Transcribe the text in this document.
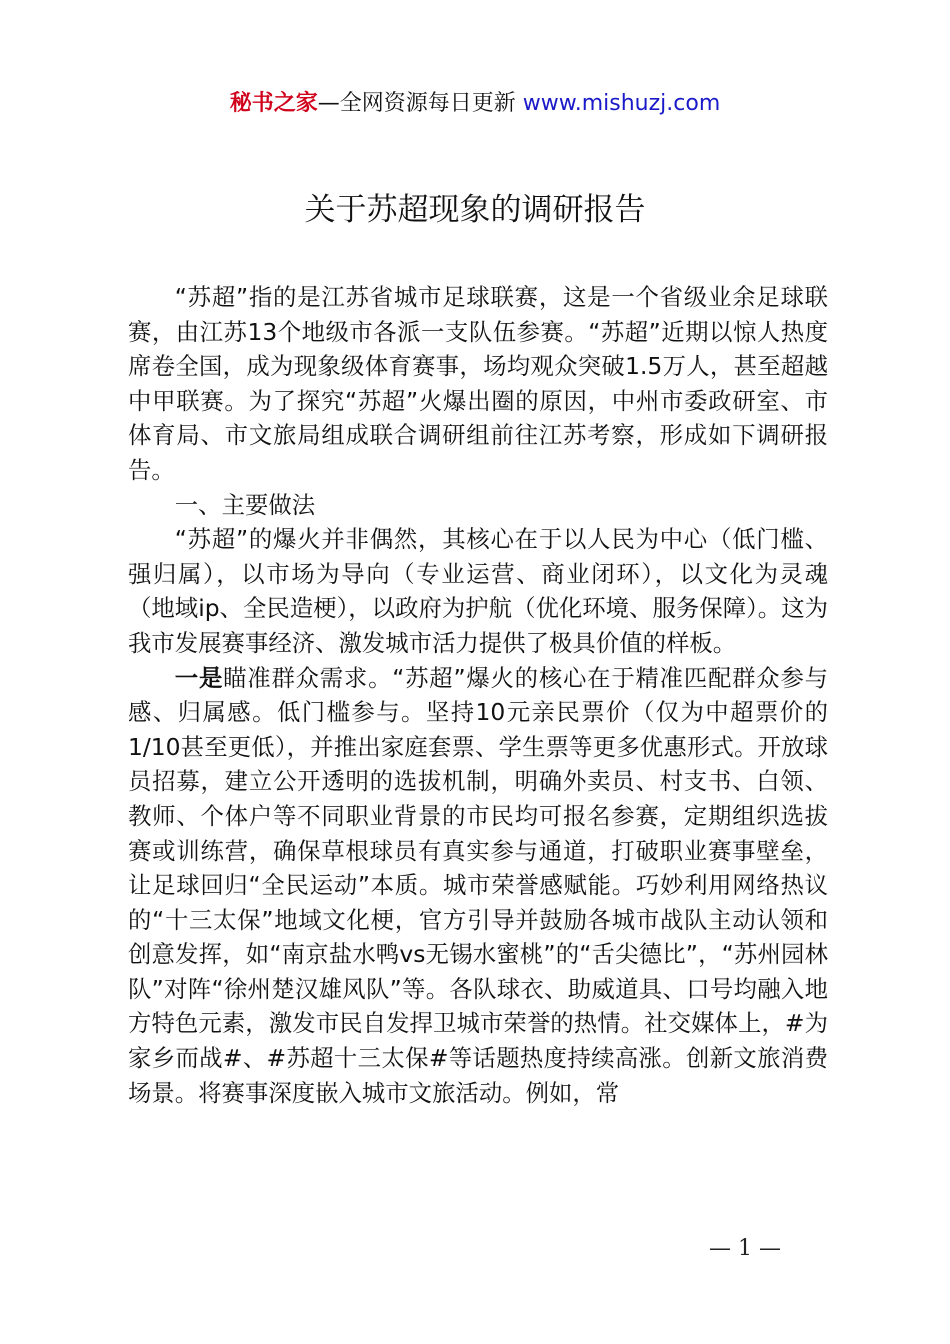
秘书之家—全网资源每日更新 www.mishuzj.com
关于苏超现象的调研报告

“苏超”指的是江苏省城市足球联赛，这是一个省级业余足球联赛，由江苏13个地级市各派一支队伍参赛。“苏超”近期以惊人热度席卷全国，成为现象级体育赛事，场均观众突破1.5万人，甚至超越中甲联赛。为了探究“苏超”火爆出圈的原因，中州市委政研室、市体育局、市文旅局组成联合调研组前往江苏考察，形成如下调研报告。

一、主要做法

“苏超”的爆火并非偶然，其核心在于以人民为中心（低门槛、强归属），以市场为导向（专业运营、商业闭环），以文化为灵魂（地域ip、全民造梗），以政府为护航（优化环境、服务保障）。这为我市发展赛事经济、激发城市活力提供了极具价值的样板。

一是瞄准群众需求。“苏超”爆火的核心在于精准匹配群众参与感、归属感。低门槛参与。坚持10元亲民票价（仅为中超票价的1/10甚至更低），并推出家庭套票、学生票等更多优惠形式。开放球员招募，建立公开透明的选拔机制，明确外卖员、村支书、白领、教师、个体户等不同职业背景的市民均可报名参赛，定期组织选拔赛或训练营，确保草根球员有真实参与通道，打破职业赛事壁垒，让足球回归“全民运动”本质。城市荣誉感赋能。巧妙利用网络热议的“十三太保”地域文化梗，官方引导并鼓励各城市战队主动认领和创意发挥，如“南京盐水鸭vs无锡水蜜桃”的“舌尖德比”，“苏州园林队”对阵“徐州楚汉雄风队”等。各队球衣、助威道具、口号均融入地方特色元素，激发市民自发捍卫城市荣誉的热情。社交媒体上，#为家乡而战#、#苏超十三太保#等话题热度持续高涨。创新文旅消费场景。将赛事深度嵌入城市文旅活动。例如，常

— 1 —
